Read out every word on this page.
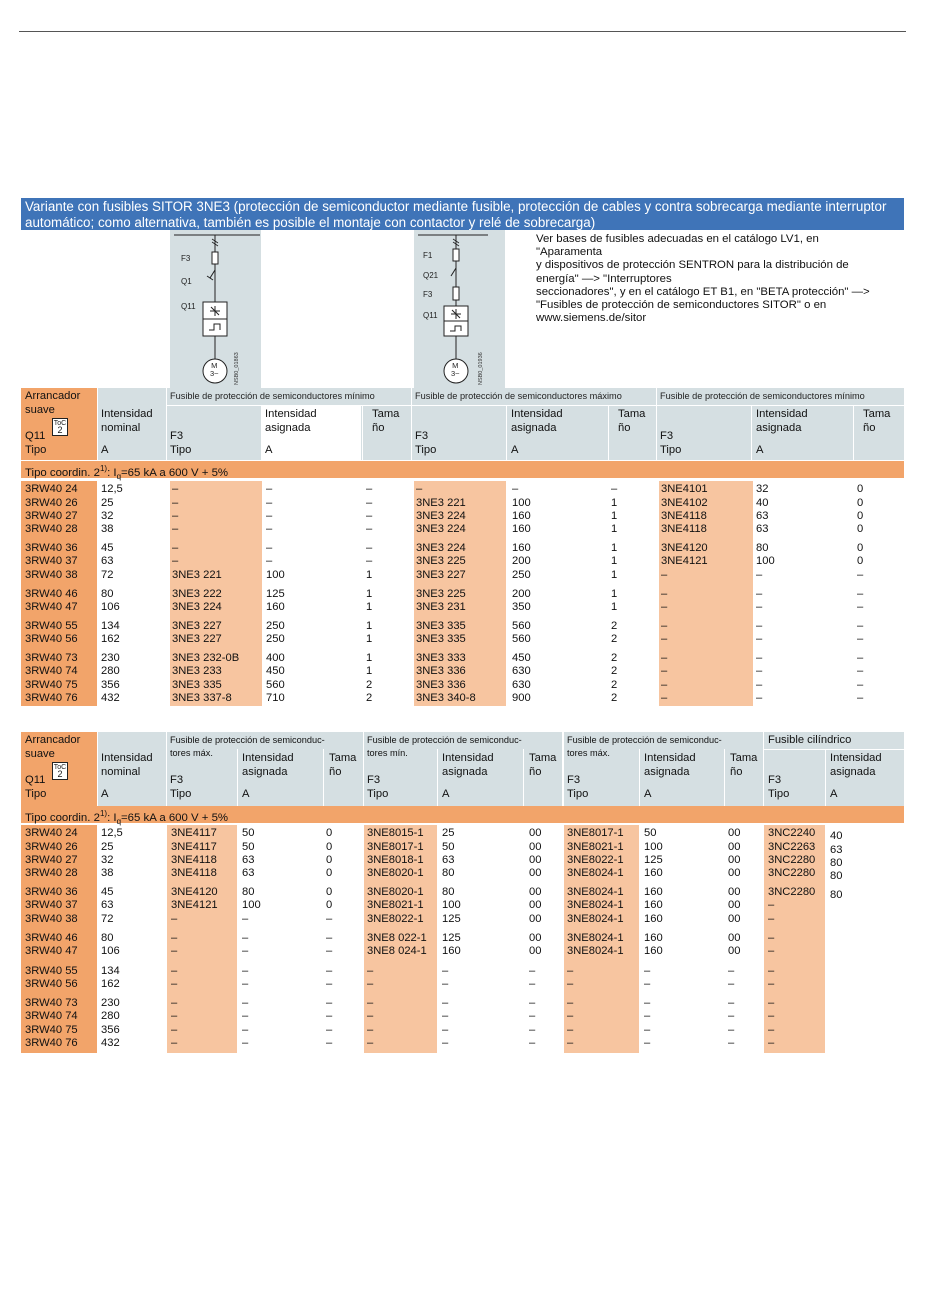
Variante con fusibles SITOR 3NE3 (protección de semiconductor mediante fusible, protección de cables y contra sobrecarga mediante interruptor automático; como alternativa, también es posible el montaje con contactor y relé de sobrecarga)
F3
Q1
Q11
M
3~	NSB0_01863
F1
Q21
F3
Q11
M
3~	NSB0_01936
Ver bases de fusibles adecuadas en el catálogo LV1, en
"Aparamenta
y dispositivos de protección SENTRON para la distribución de
energía" —> "Interruptores
seccionadores", y en el catálogo ET B1, en "BETA protección" —>
"Fusibles de protección de semiconductores SITOR" o en
www.siemens.de/sitor
Arrancador
suave
ToC
2
Q11
Tipo
Intensidad
nominal
A
Fusible de protección de semiconductores mínimo
F3
Tipo
Intensidad
asignada
A
Tama
ño
Fusible de protección de semiconductores máximo
F3
Tipo
Intensidad
asignada
A
Tama
ño
Fusible de protección de semiconductores mínimo
F3
Tipo
Intensidad
asignada
A
Tama
ño
Tipo coordin. 2$^{1)}$: $I_q=65$ kA a 600 V + 5%
3RW40 24 12,5	–	–	–	–	–	–	3NE4101	32	0
3RW40 26 25	–	–	–	3NE3 221	100	1	3NE4102	40	0
3RW40 27 32	–	–	–	3NE3 224	160	1	3NE4118	63	0
3RW40 28 38	–	–	–	3NE3 224	160	1	3NE4118	63	0
3RW40 36 45	–	–	–	3NE3 224	160	1	3NE4120	80	0
3RW40 37 63	–	–	–	3NE3 225	200	1	3NE4121	100	0
3RW40 38 72	3NE3 221	100	1	3NE3 227	250	1	–	–	–
3RW40 46 80	3NE3 222	125	1	3NE3 225	200	1	–	–	–
3RW40 47 106	3NE3 224	160	1	3NE3 231	350	1	–	–	–
3RW40 55 134	3NE3 227	250	1	3NE3 335	560	2	–	–	–
3RW40 56 162	3NE3 227	250	1	3NE3 335	560	2	–	–	–
3RW40 73 230	3NE3 232-0B 400	1	3NE3 333	450	2	–	–	–
3RW40 74 280	3NE3 233	450	1	3NE3 336	630	2	–	–	–
3RW40 75 356	3NE3 335	560	2	3NE3 336	630	2	–	–	–
3RW40 76 432	3NE3 337-8	710	2	3NE3 340-8	900	2	–	–	–
Arrancador
suave
ToC
2
Q11
Tipo
Intensidad
nominal
A
Fusible de protección de semiconduc-
tores máx.
F3
Tipo
Intensidad
asignada
A
Tama
ño
Fusible de protección de semiconduc-
tores mín.
F3
Tipo
Intensidad
asignada
A
Tama
ño
Fusible de protección de semiconduc-
tores máx.
F3
Tipo
Intensidad
asignada
A
Tama
ño
Fusible cilíndrico
F3
Tipo
Intensidad
asignada
A
Tipo coordin. 2$^{1)}$: $I_q=65$ kA a 600 V + 5%
3RW40 24 12,5	3NE4117 50	0	3NE8015-1 25	00 3NE8017-1 50	00 3NC2240 40
3RW40 26 25	3NE4117 50	0	3NE8017-1 50	00 3NE8021-1 100	00 3NC2263 63
3RW40 27 32	3NE4118 63	0	3NE8018-1 63	00 3NE8022-1 125	00 3NC2280 80
3RW40 28 38	3NE4118 63	0	3NE8020-1 80	00 3NE8024-1 160	00 3NC2280 80
3RW40 36 45	3NE4120 80	0	3NE8020-1 80	00 3NE8024-1 160	00 3NC2280 80
3RW40 37 63	3NE4121 100	0	3NE8021-1 100	00 3NE8024-1 160	00 –
3RW40 38 72	–	–	–	3NE8022-1 125	00 3NE8024-1 160	00 –
3RW40 46 80	–	–	–	3NE8 022-1 125	00 3NE8024-1 160	00 –
3RW40 47 106	–	–	–	3NE8 024-1 160	00 3NE8024-1 160	00 –
3RW40 55 134	–	–	–	–	–	–	–	–	–	–
3RW40 56 162	–	–	–	–	–	–	–	–	–	–
3RW40 73 230	–	–	–	–	–	–	–	–	–	–
3RW40 74 280	–	–	–	–	–	–	–	–	–	–
3RW40 75 356	–	–	–	–	–	–	–	–	–	–
3RW40 76 432	–	–	–	–	–	–	–	–	–	–
